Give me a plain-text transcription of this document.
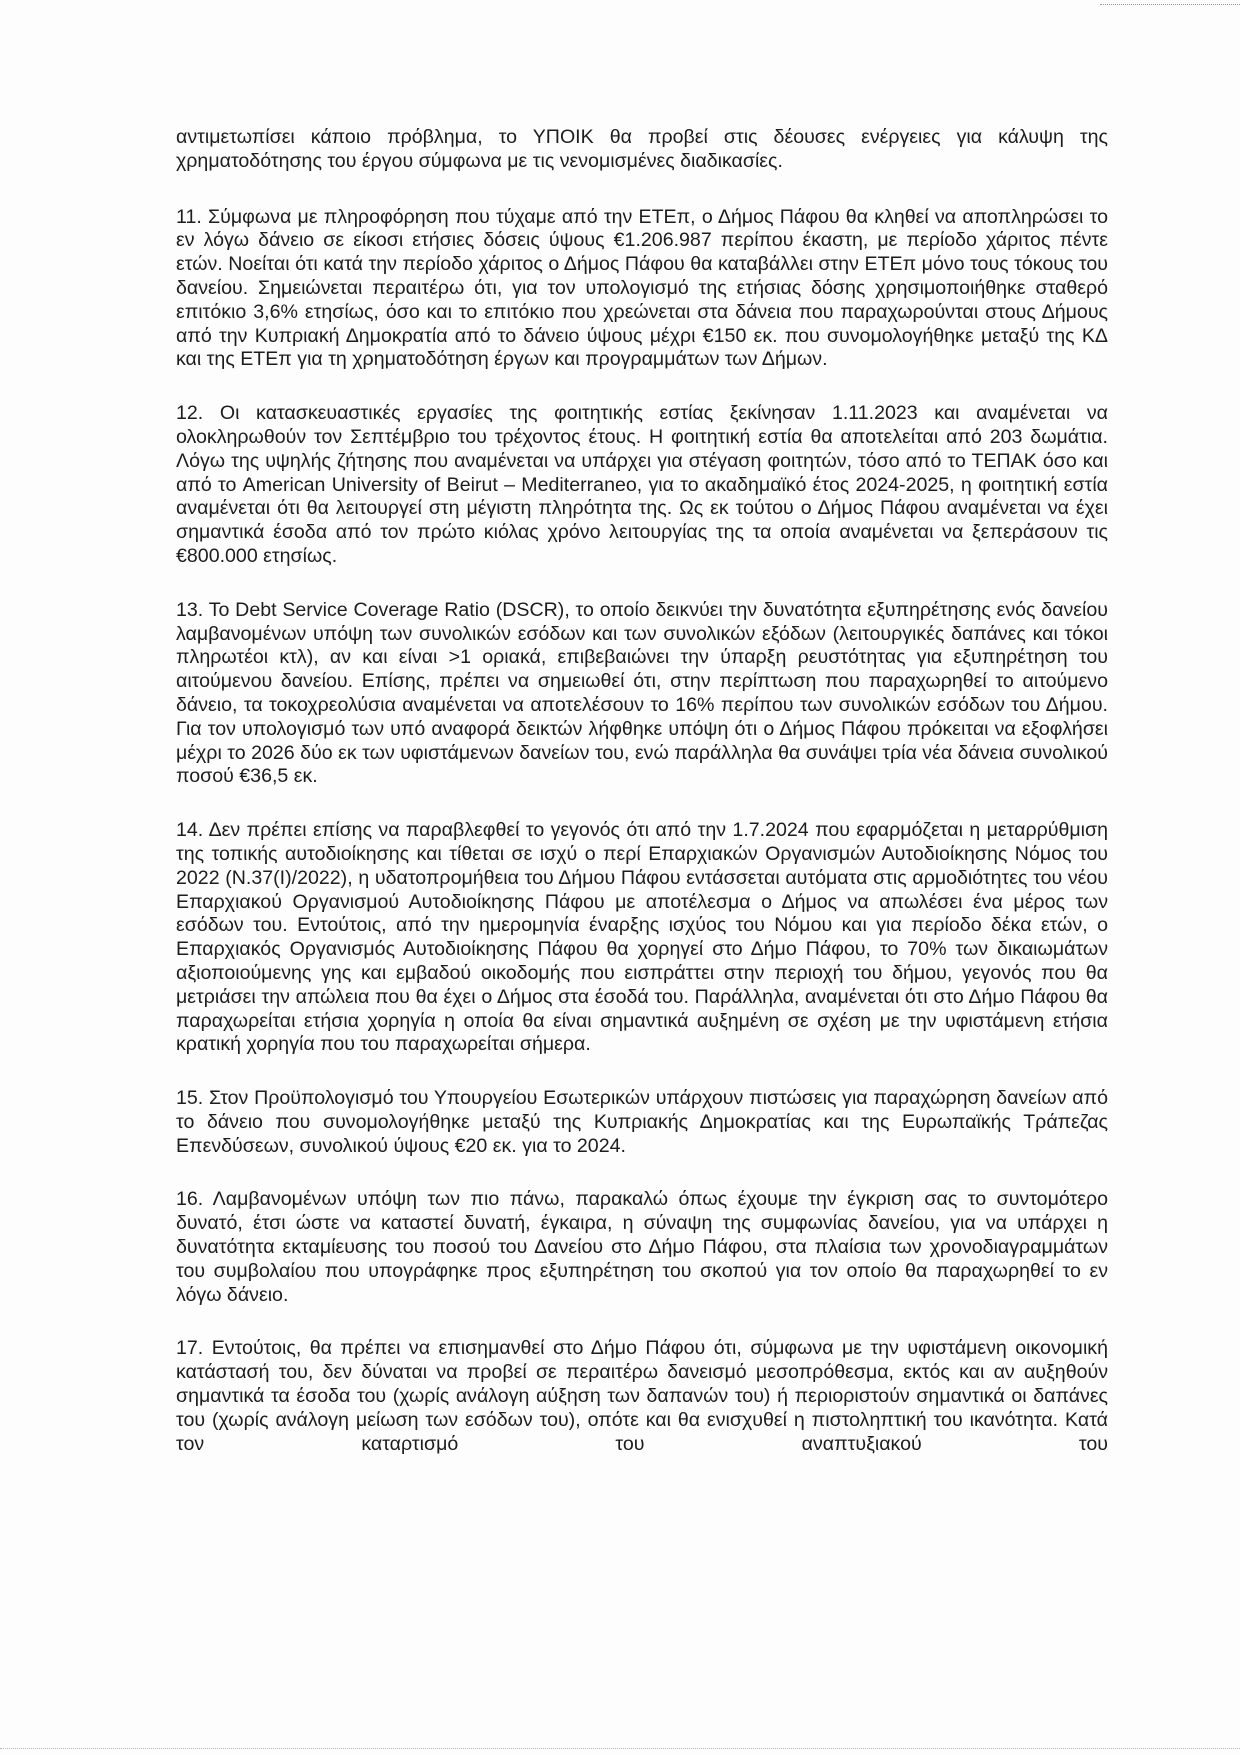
αντιμετωπίσει κάποιο πρόβλημα, το ΥΠΟΙΚ θα προβεί στις δέουσες ενέργειες για κάλυψη της χρηματοδότησης του έργου σύμφωνα με τις νενομισμένες διαδικασίες.

11. Σύμφωνα με πληροφόρηση που τύχαμε από την ΕΤΕπ, ο Δήμος Πάφου θα κληθεί να αποπληρώσει το εν λόγω δάνειο σε είκοσι ετήσιες δόσεις ύψους €1.206.987 περίπου έκαστη, με περίοδο χάριτος πέντε ετών. Νοείται ότι κατά την περίοδο χάριτος ο Δήμος Πάφου θα καταβάλλει στην ΕΤΕπ μόνο τους τόκους του δανείου. Σημειώνεται περαιτέρω ότι, για τον υπολογισμό της ετήσιας δόσης χρησιμοποιήθηκε σταθερό επιτόκιο 3,6% ετησίως, όσο και το επιτόκιο που χρεώνεται στα δάνεια που παραχωρούνται στους Δήμους από την Κυπριακή Δημοκρατία από το δάνειο ύψους μέχρι €150 εκ. που συνομολογήθηκε μεταξύ της ΚΔ και της ΕΤΕπ για τη χρηματοδότηση έργων και προγραμμάτων των Δήμων.

12. Οι κατασκευαστικές εργασίες της φοιτητικής εστίας ξεκίνησαν 1.11.2023 και αναμένεται να ολοκληρωθούν τον Σεπτέμβριο του τρέχοντος έτους. Η φοιτητική εστία θα αποτελείται από 203 δωμάτια. Λόγω της υψηλής ζήτησης που αναμένεται να υπάρχει για στέγαση φοιτητών, τόσο από το ΤΕΠΑΚ όσο και από το American University of Beirut – Mediterraneo, για το ακαδημαϊκό έτος 2024-2025, η φοιτητική εστία αναμένεται ότι θα λειτουργεί στη μέγιστη πληρότητα της. Ως εκ τούτου ο Δήμος Πάφου αναμένεται να έχει σημαντικά έσοδα από τον πρώτο κιόλας χρόνο λειτουργίας της τα οποία αναμένεται να ξεπεράσουν τις €800.000 ετησίως.

13. To Debt Service Coverage Ratio (DSCR), το οποίο δεικνύει την δυνατότητα εξυπηρέτησης ενός δανείου λαμβανομένων υπόψη των συνολικών εσόδων και των συνολικών εξόδων (λειτουργικές δαπάνες και τόκοι πληρωτέοι κτλ), αν και είναι >1 οριακά, επιβεβαιώνει την ύπαρξη ρευστότητας για εξυπηρέτηση του αιτούμενου δανείου. Επίσης, πρέπει να σημειωθεί ότι, στην περίπτωση που παραχωρηθεί το αιτούμενο δάνειο, τα τοκοχρεολύσια αναμένεται να αποτελέσουν το 16% περίπου των συνολικών εσόδων του Δήμου. Για τον υπολογισμό των υπό αναφορά δεικτών λήφθηκε υπόψη ότι ο Δήμος Πάφου πρόκειται να εξοφλήσει μέχρι το 2026 δύο εκ των υφιστάμενων δανείων του, ενώ παράλληλα θα συνάψει τρία νέα δάνεια συνολικού ποσού €36,5 εκ.

14. Δεν πρέπει επίσης να παραβλεφθεί το γεγονός ότι από την 1.7.2024 που εφαρμόζεται η μεταρρύθμιση της τοπικής αυτοδιοίκησης και τίθεται σε ισχύ ο περί Επαρχιακών Οργανισμών Αυτοδιοίκησης Νόμος του 2022 (Ν.37(Ι)/2022), η υδατοπρομήθεια του Δήμου Πάφου εντάσσεται αυτόματα στις αρμοδιότητες του νέου Επαρχιακού Οργανισμού Αυτοδιοίκησης Πάφου με αποτέλεσμα ο Δήμος να απωλέσει ένα μέρος των εσόδων του. Εντούτοις, από την ημερομηνία έναρξης ισχύος του Νόμου και για περίοδο δέκα ετών, ο Επαρχιακός Οργανισμός Αυτοδιοίκησης Πάφου θα χορηγεί στο Δήμο Πάφου, το 70% των δικαιωμάτων αξιοποιούμενης γης και εμβαδού οικοδομής που εισπράττει στην περιοχή του δήμου, γεγονός που θα μετριάσει την απώλεια που θα έχει ο Δήμος στα έσοδά του. Παράλληλα, αναμένεται ότι στο Δήμο Πάφου θα παραχωρείται ετήσια χορηγία η οποία θα είναι σημαντικά αυξημένη σε σχέση με την υφιστάμενη ετήσια κρατική χορηγία που του παραχωρείται σήμερα.

15. Στον Προϋπολογισμό του Υπουργείου Εσωτερικών υπάρχουν πιστώσεις για παραχώρηση δανείων από το δάνειο που συνομολογήθηκε μεταξύ της Κυπριακής Δημοκρατίας και της Ευρωπαϊκής Τράπεζας Επενδύσεων, συνολικού ύψους €20 εκ. για το 2024.

16. Λαμβανομένων υπόψη των πιο πάνω, παρακαλώ όπως έχουμε την έγκριση σας το συντομότερο δυνατό, έτσι ώστε να καταστεί δυνατή, έγκαιρα, η σύναψη της συμφωνίας δανείου, για να υπάρχει η δυνατότητα εκταμίευσης του ποσού του Δανείου στο Δήμο Πάφου, στα πλαίσια των χρονοδιαγραμμάτων του συμβολαίου που υπογράφηκε προς εξυπηρέτηση του σκοπού για τον οποίο θα παραχωρηθεί το εν λόγω δάνειο.

17. Εντούτοις, θα πρέπει να επισημανθεί στο Δήμο Πάφου ότι, σύμφωνα με την υφιστάμενη οικονομική κατάστασή του, δεν δύναται να προβεί σε περαιτέρω δανεισμό μεσοπρόθεσμα, εκτός και αν αυξηθούν σημαντικά τα έσοδα του (χωρίς ανάλογη αύξηση των δαπανών του) ή περιοριστούν σημαντικά οι δαπάνες του (χωρίς ανάλογη μείωση των εσόδων του), οπότε και θα ενισχυθεί η πιστοληπτική του ικανότητα. Κατά τον καταρτισμό του αναπτυξιακού του
